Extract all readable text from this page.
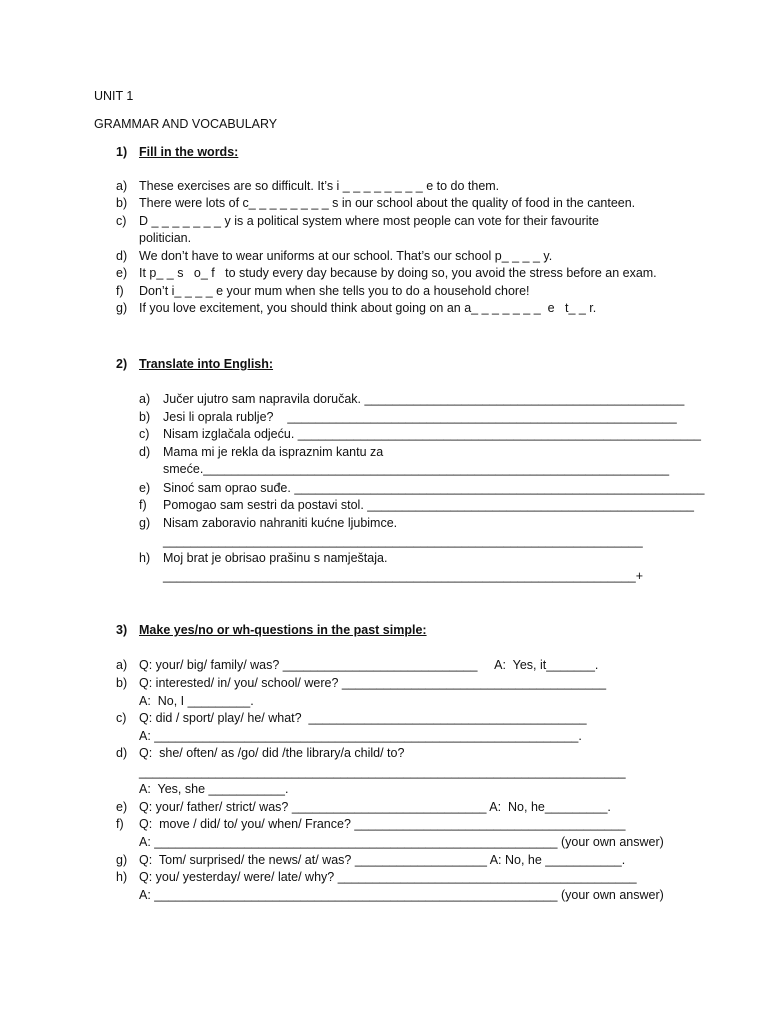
UNIT 1
GRAMMAR AND VOCABULARY
1) Fill in the words:
a) These exercises are so difficult. It’s i _ _ _ _ _ _ _ _ e to do them.
b) There were lots of c_ _ _ _ _ _ _ _ s in our school about the quality of food in the canteen.
c) D _ _ _ _ _ _ _ y is a political system where most people can vote for their favourite
politician.
d) We don’t have to wear uniforms at our school. That’s our school p_ _ _ _ y.
e) It p_ _ s   o_ f   to study every day because by doing so, you avoid the stress before an exam.
f) Don’t i_ _ _ _ e your mum when she tells you to do a household chore!
g) If you love excitement, you should think about going on an a_ _ _ _ _ _ _  e   t_ _ r.
2) Translate into English:
a) Jučer ujutro sam napravila doručak. ______________________________________________
b) Jesi li oprala rublje?    ________________________________________________________
c) Nisam izglačala odjeću. __________________________________________________________
d) Mama mi je rekla da ispraznim kantu za
smeće.___________________________________________________________________
e) Sinoć sam oprao suđe. ___________________________________________________________
f) Pomogao sam sestri da postavi stol. _______________________________________________
g) Nisam zaboravio nahraniti kućne ljubimce.
_____________________________________________________________________
h) Moj brat je obrisao prašinu s namještaja.
____________________________________________________________________+
3) Make yes/no or wh-questions in the past simple:
a) Q: your/ big/ family/ was? ____________________________     A:  Yes, it_______.
b) Q: interested/ in/ you/ school/ were? ______________________________________
A:  No, I _________.
c) Q: did / sport/ play/ he/ what?  ________________________________________
A: _____________________________________________________________.
d) Q:  she/ often/ as /go/ did /the library/a child/ to?
______________________________________________________________________
A:  Yes, she ___________.
e) Q: your/ father/ strict/ was? ____________________________ A:  No, he_________.
f) Q:  move / did/ to/ you/ when/ France? _______________________________________
A: __________________________________________________________ (your own answer)
g) Q:  Tom/ surprised/ the news/ at/ was? ___________________ A: No, he ___________.
h) Q: you/ yesterday/ were/ late/ why? ___________________________________________
A: __________________________________________________________ (your own answer)
